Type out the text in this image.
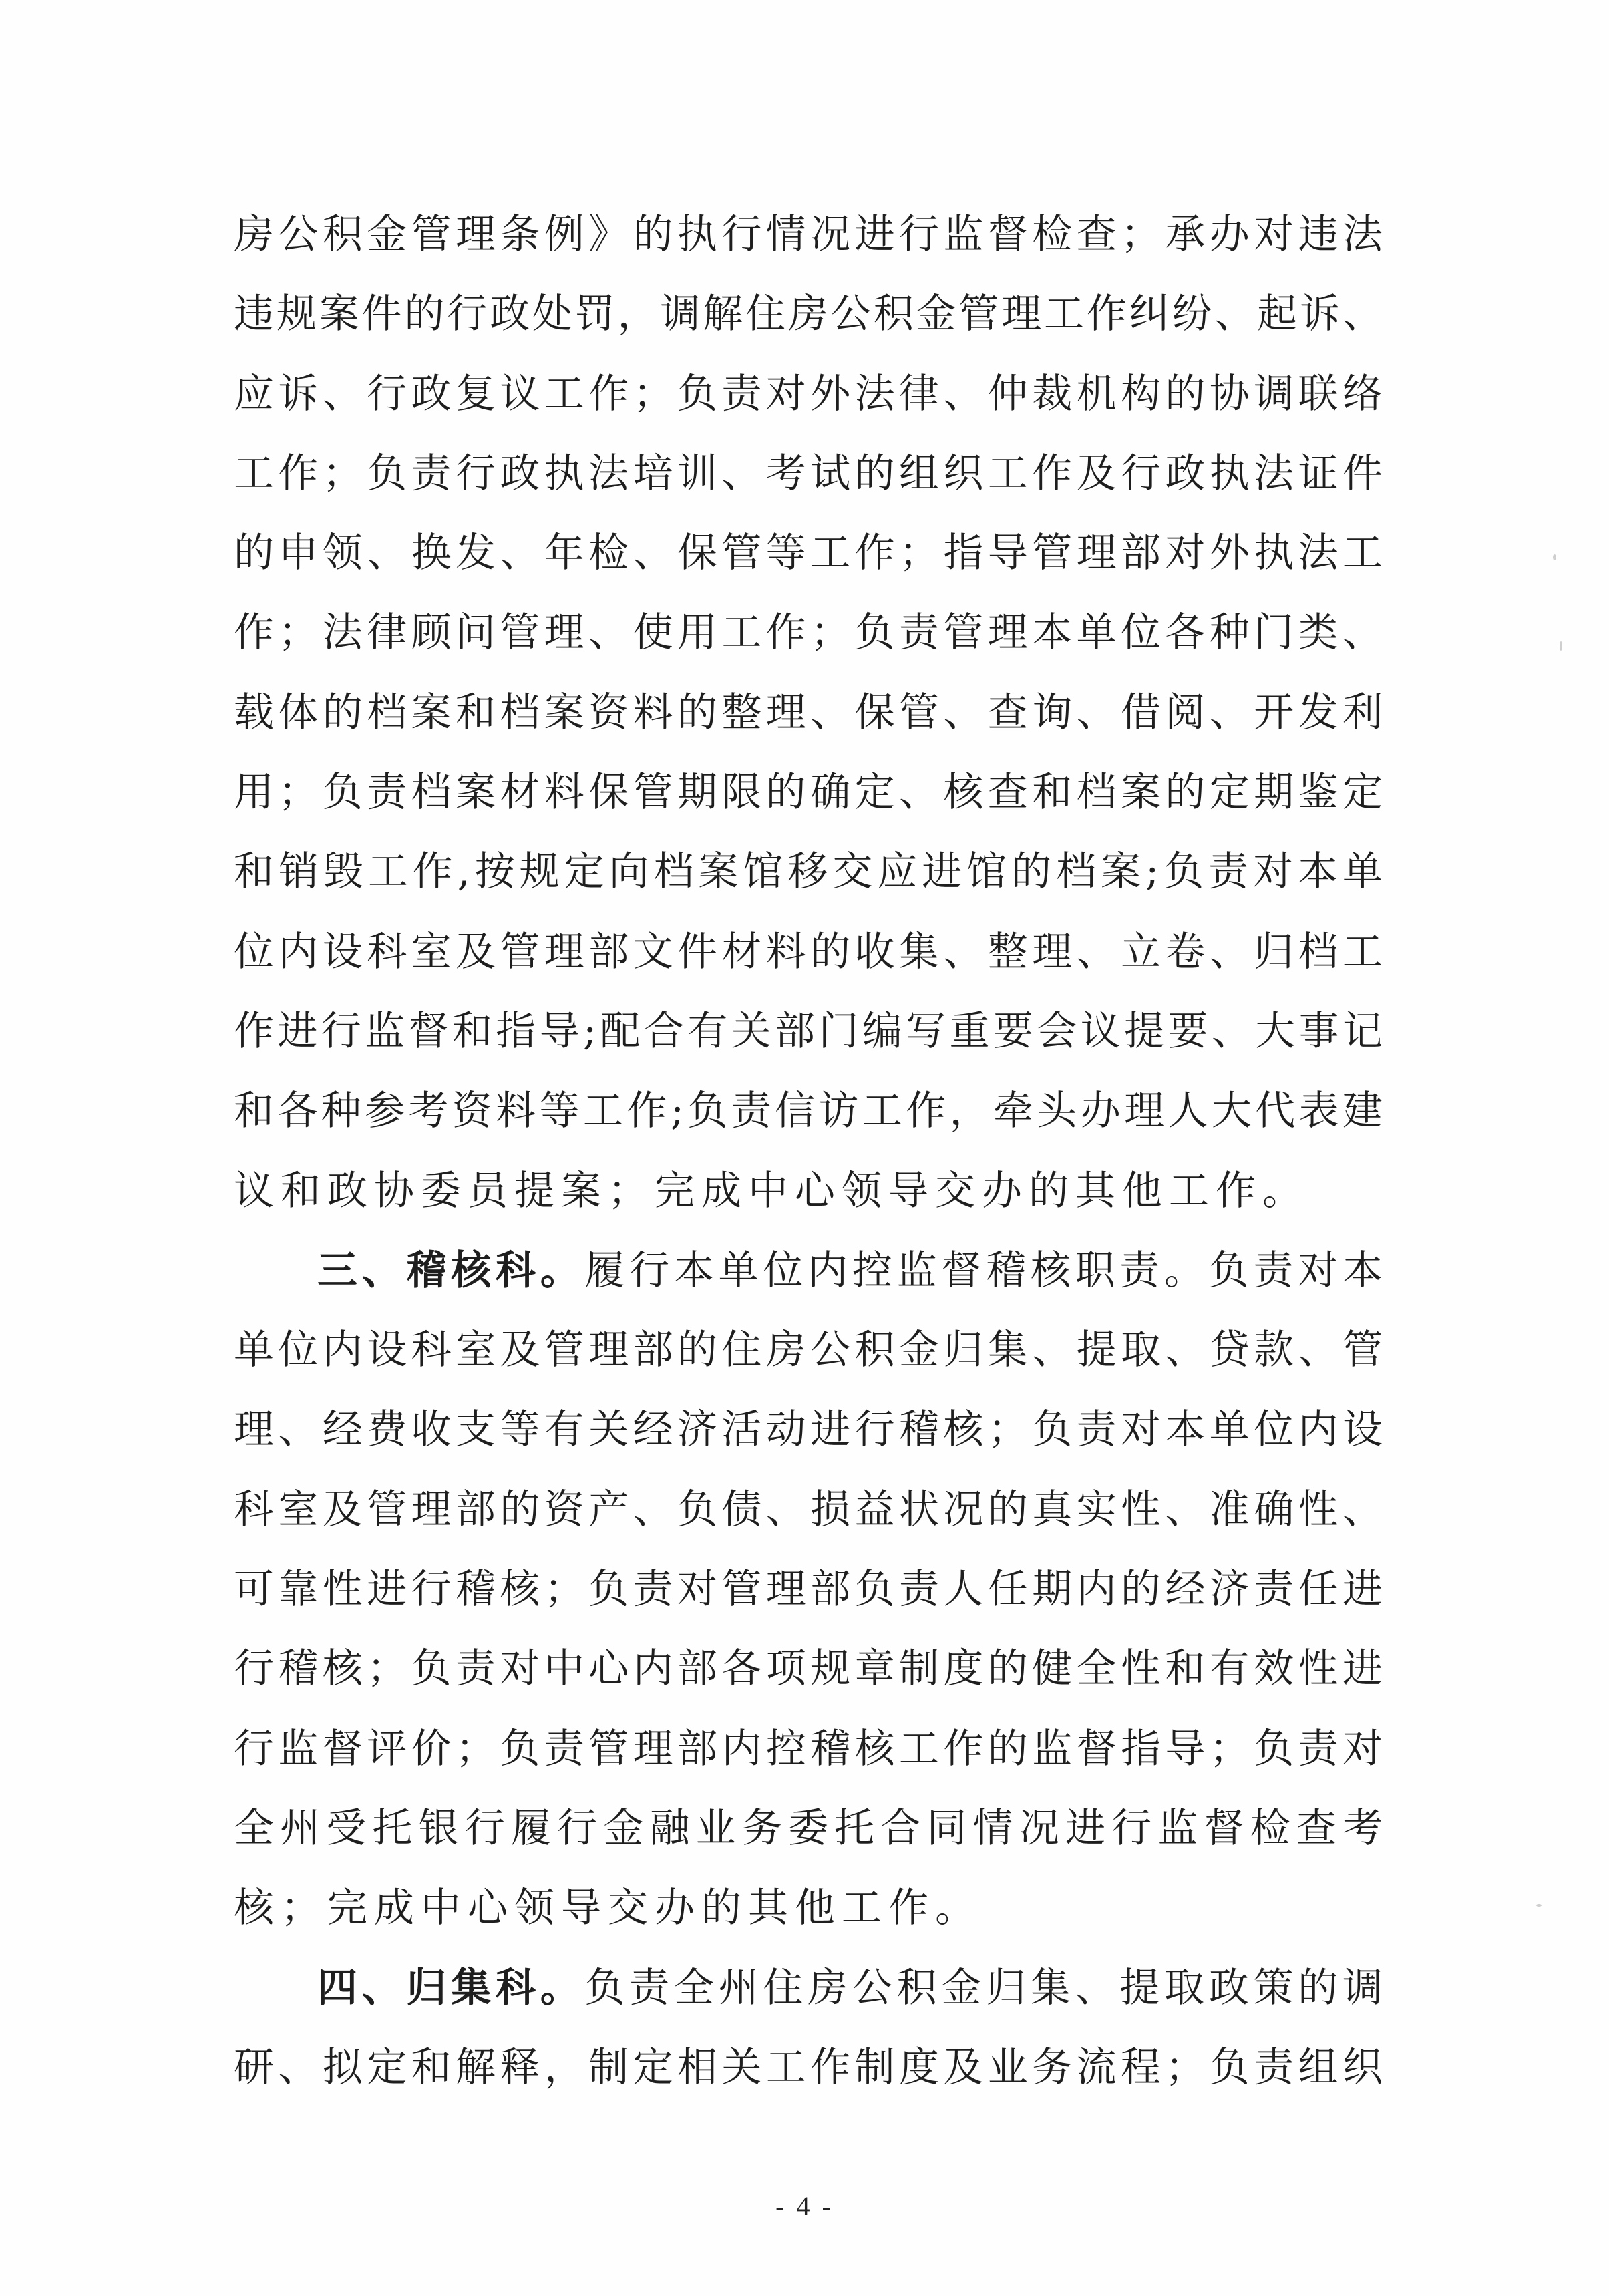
房公积金管理条例》的执行情况进行监督检查；承办对违法
违规案件的行政处罚，调解住房公积金管理工作纠纷、起诉、
应诉、行政复议工作；负责对外法律、仲裁机构的协调联络
工作；负责行政执法培训、考试的组织工作及行政执法证件
的申领、换发、年检、保管等工作；指导管理部对外执法工
作；法律顾问管理、使用工作；负责管理本单位各种门类、
载体的档案和档案资料的整理、保管、查询、借阅、开发利
用；负责档案材料保管期限的确定、核查和档案的定期鉴定
和销毁工作,按规定向档案馆移交应进馆的档案;负责对本单
位内设科室及管理部文件材料的收集、整理、立卷、归档工
作进行监督和指导;配合有关部门编写重要会议提要、大事记
和各种参考资料等工作;负责信访工作，牵头办理人大代表建
议和政协委员提案；完成中心领导交办的其他工作。
三、稽核科。履行本单位内控监督稽核职责。负责对本
单位内设科室及管理部的住房公积金归集、提取、贷款、管
理、经费收支等有关经济活动进行稽核；负责对本单位内设
科室及管理部的资产、负债、损益状况的真实性、准确性、
可靠性进行稽核；负责对管理部负责人任期内的经济责任进
行稽核；负责对中心内部各项规章制度的健全性和有效性进
行监督评价；负责管理部内控稽核工作的监督指导；负责对
全州受托银行履行金融业务委托合同情况进行监督检查考
核；完成中心领导交办的其他工作。
四、归集科。负责全州住房公积金归集、提取政策的调
研、拟定和解释，制定相关工作制度及业务流程；负责组织
- 4 -
